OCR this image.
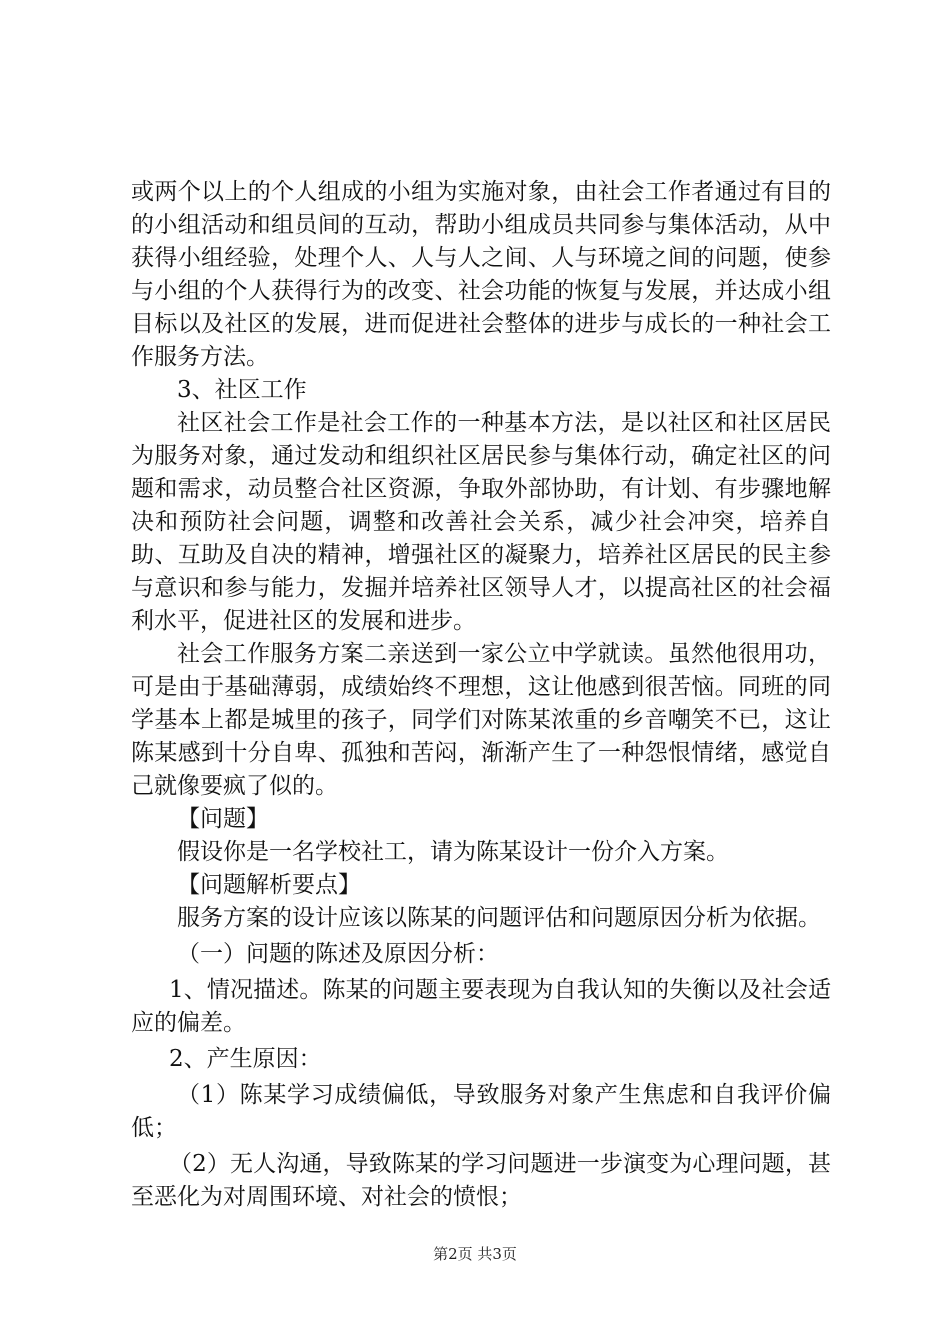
或两个以上的个人组成的小组为实施对象，由社会工作者通过有目的的小组活动和组员间的互动，帮助小组成员共同参与集体活动，从中获得小组经验，处理个人、人与人之间、人与环境之间的问题，使参与小组的个人获得行为的改变、社会功能的恢复与发展，并达成小组目标以及社区的发展，进而促进社会整体的进步与成长的一种社会工作服务方法。

3、社区工作

社区社会工作是社会工作的一种基本方法，是以社区和社区居民为服务对象，通过发动和组织社区居民参与集体行动，确定社区的问题和需求，动员整合社区资源，争取外部协助，有计划、有步骤地解决和预防社会问题，调整和改善社会关系，减少社会冲突，培养自助、互助及自决的精神，增强社区的凝聚力，培养社区居民的民主参与意识和参与能力，发掘并培养社区领导人才，以提高社区的社会福利水平，促进社区的发展和进步。

社会工作服务方案二亲送到一家公立中学就读。虽然他很用功，可是由于基础薄弱，成绩始终不理想，这让他感到很苦恼。同班的同学基本上都是城里的孩子，同学们对陈某浓重的乡音嘲笑不已，这让陈某感到十分自卑、孤独和苦闷，渐渐产生了一种怨恨情绪，感觉自己就像要疯了似的。

【问题】

假设你是一名学校社工，请为陈某设计一份介入方案。

【问题解析要点】

服务方案的设计应该以陈某的问题评估和问题原因分析为依据。

（一）问题的陈述及原因分析：

1、情况描述。陈某的问题主要表现为自我认知的失衡以及社会适应的偏差。

2、产生原因：

（1）陈某学习成绩偏低，导致服务对象产生焦虑和自我评价偏低；

（2）无人沟通，导致陈某的学习问题进一步演变为心理问题，甚至恶化为对周围环境、对社会的愤恨；

第2页 共3页
